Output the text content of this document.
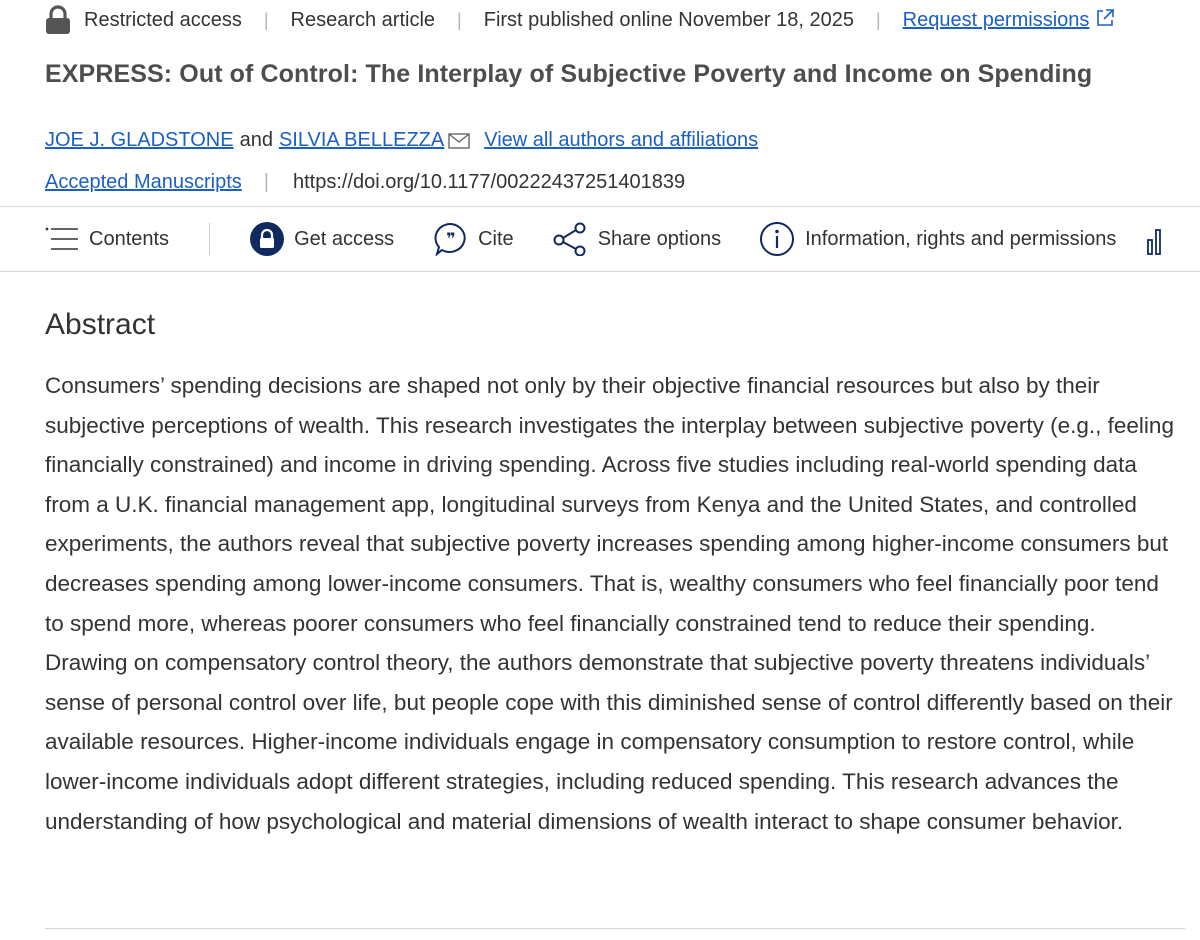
Restricted access | Research article | First published online November 18, 2025 | Request permissions
EXPRESS: Out of Control: The Interplay of Subjective Poverty and Income on Spending
JOE J. GLADSTONE and SILVIA BELLEZZA View all authors and affiliations
Accepted Manuscripts | https://doi.org/10.1177/00222437251401839
Contents	Get access	❞ Cite	Share options	Information, rights and permissions
Abstract

Consumers’ spending decisions are shaped not only by their objective financial resources but also by their subjective perceptions of wealth. This research investigates the interplay between subjective poverty (e.g., feeling financially constrained) and income in driving spending. Across five studies including real-world spending data from a U.K. financial management app, longitudinal surveys from Kenya and the United States, and controlled experiments, the authors reveal that subjective poverty increases spending among higher-income consumers but decreases spending among lower-income consumers. That is, wealthy consumers who feel financially poor tend to spend more, whereas poorer consumers who feel financially constrained tend to reduce their spending. Drawing on compensatory control theory, the authors demonstrate that subjective poverty threatens individuals’ sense of personal control over life, but people cope with this diminished sense of control differently based on their available resources. Higher-income individuals engage in compensatory consumption to restore control, while lower-income individuals adopt different strategies, including reduced spending. This research advances the understanding of how psychological and material dimensions of wealth interact to shape consumer behavior.
